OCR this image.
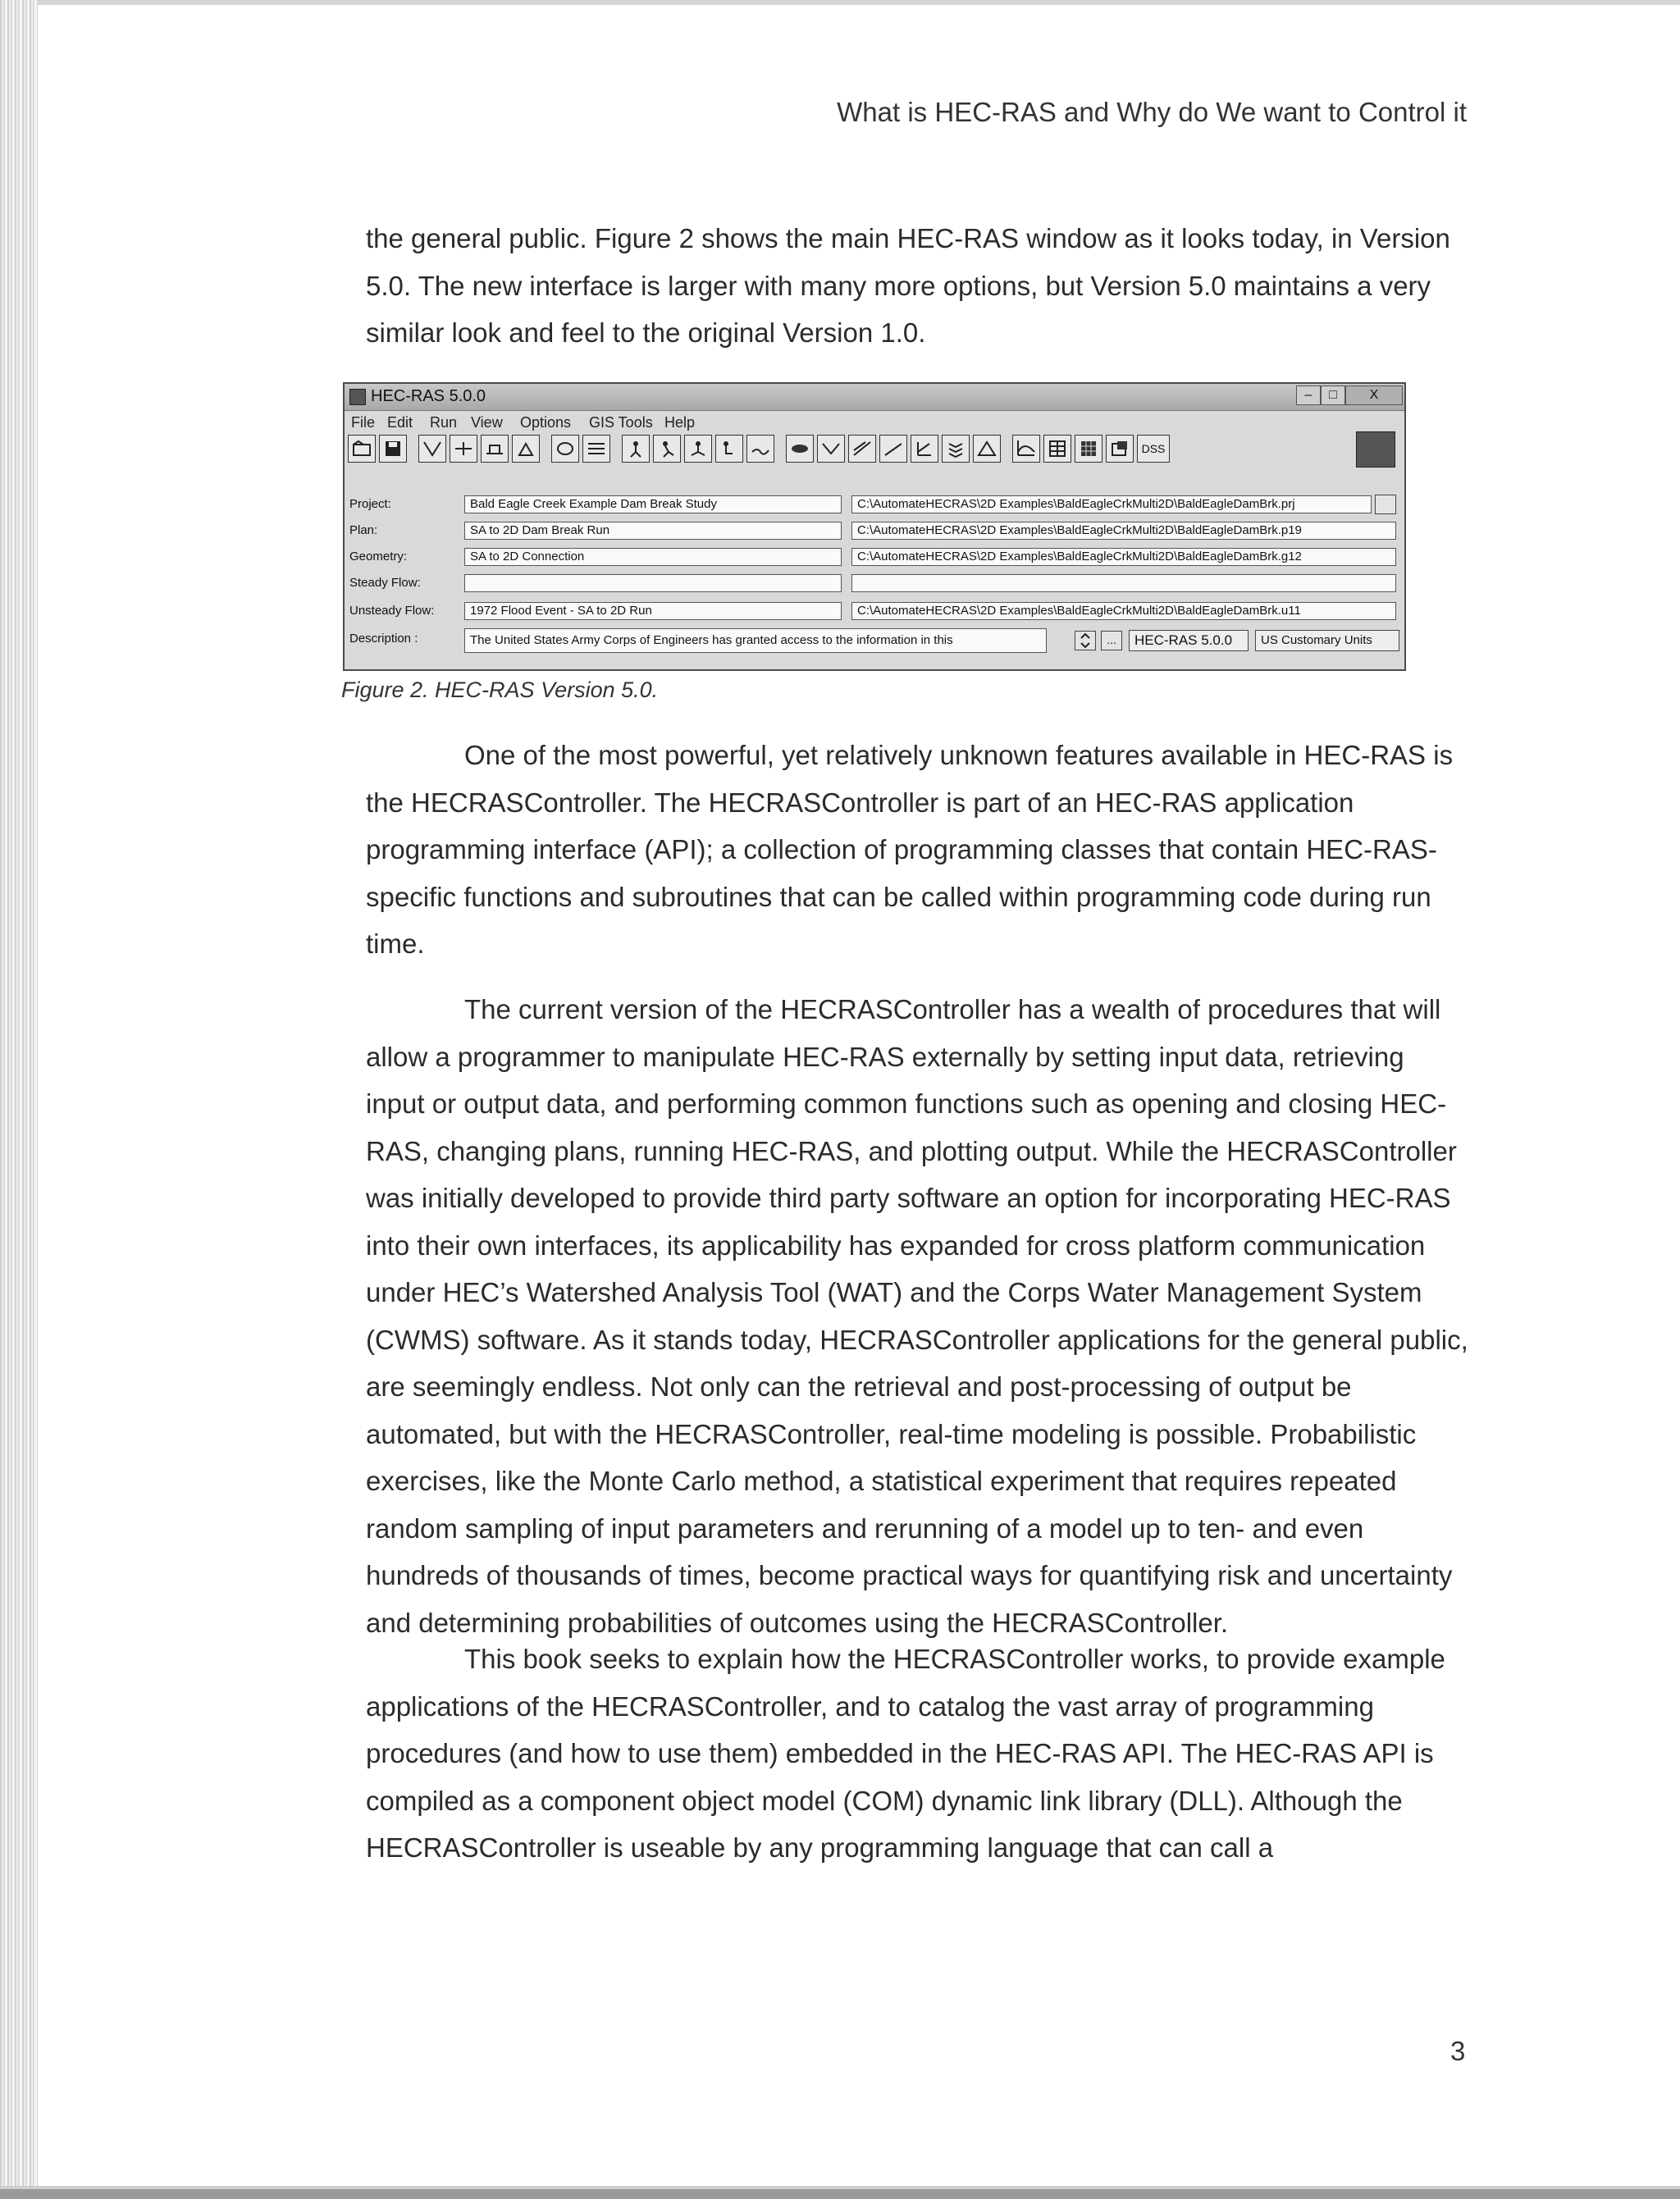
What is HEC-RAS and Why do We want to Control it

the general public. Figure 2 shows the main HEC-RAS window as it looks today, in Version 5.0. The new interface is larger with many more options, but Version 5.0 maintains a very similar look and feel to the original Version 1.0.

HEC-RAS 5.0.0	–	□	X
File Edit Run View Options GIS Tools Help
DSS
Project:	Bald Eagle Creek Example Dam Break Study	C:\AutomateHECRAS\2D Examples\BaldEagleCrkMulti2D\BaldEagleDamBrk.prj
Plan:	SA to 2D Dam Break Run	C:\AutomateHECRAS\2D Examples\BaldEagleCrkMulti2D\BaldEagleDamBrk.p19
Geometry:	SA to 2D Connection	C:\AutomateHECRAS\2D Examples\BaldEagleCrkMulti2D\BaldEagleDamBrk.g12
Steady Flow:
Unsteady Flow:	1972 Flood Event - SA to 2D Run	C:\AutomateHECRAS\2D Examples\BaldEagleCrkMulti2D\BaldEagleDamBrk.u11
Description :	The United States Army Corps of Engineers has granted access to the information in this	...	HEC-RAS 5.0.0	US Customary Units
Figure 2. HEC-RAS Version 5.0.

One of the most powerful, yet relatively unknown features available in HEC-RAS is the HECRASController. The HECRASController is part of an HEC-RAS application programming interface (API); a collection of programming classes that contain HEC-RAS-specific functions and subroutines that can be called within programming code during run time.

The current version of the HECRASController has a wealth of procedures that will allow a programmer to manipulate HEC-RAS externally by setting input data, retrieving input or output data, and performing common functions such as opening and closing HEC-RAS, changing plans, running HEC-RAS, and plotting output. While the HECRASController was initially developed to provide third party software an option for incorporating HEC-RAS into their own interfaces, its applicability has expanded for cross platform communication under HEC’s Watershed Analysis Tool (WAT) and the Corps Water Management System (CWMS) software. As it stands today, HECRASController applications for the general public, are seemingly endless. Not only can the retrieval and post-processing of output be automated, but with the HECRASController, real-time modeling is possible. Probabilistic exercises, like the Monte Carlo method, a statistical experiment that requires repeated random sampling of input parameters and rerunning of a model up to ten- and even hundreds of thousands of times, become practical ways for quantifying risk and uncertainty and determining probabilities of outcomes using the HECRASController.

This book seeks to explain how the HECRASController works, to provide example applications of the HECRASController, and to catalog the vast array of programming procedures (and how to use them) embedded in the HEC-RAS API. The HEC-RAS API is compiled as a component object model (COM) dynamic link library (DLL). Although the HECRASController is useable by any programming language that can call a

3
